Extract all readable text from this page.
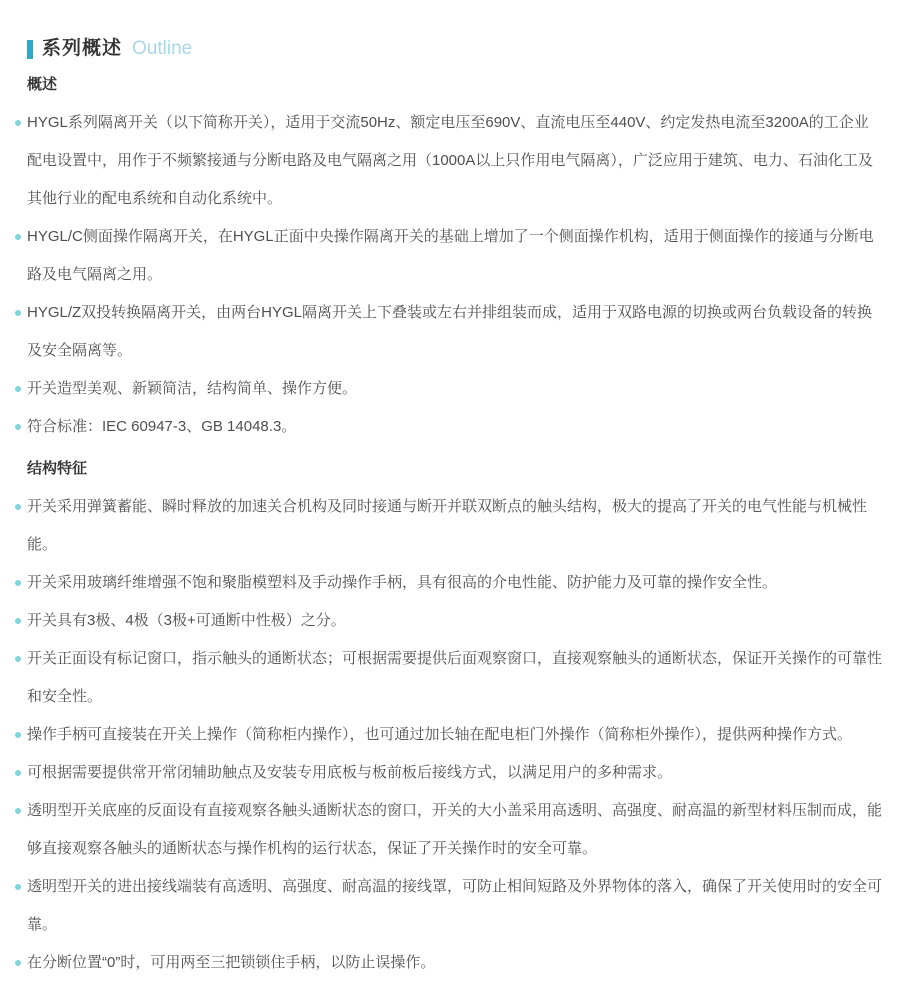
系列概述 Outline
概述
HYGL系列隔离开关（以下简称开关），适用于交流50Hz、额定电压至690V、直流电压至440V、约定发热电流至3200A的工企业配电设置中，用作于不频繁接通与分断电路及电气隔离之用（1000A以上只作用电气隔离），广泛应用于建筑、电力、石油化工及其他行业的配电系统和自动化系统中。
HYGL/C侧面操作隔离开关，在HYGL正面中央操作隔离开关的基础上增加了一个侧面操作机构，适用于侧面操作的接通与分断电路及电气隔离之用。
HYGL/Z双投转换隔离开关，由两台HYGL隔离开关上下叠装或左右并排组装而成，适用于双路电源的切换或两台负载设备的转换及安全隔离等。
开关造型美观、新颖简洁，结构简单、操作方便。
符合标准：IEC 60947-3、GB 14048.3。
结构特征
开关采用弹簧蓄能、瞬时释放的加速关合机构及同时接通与断开并联双断点的触头结构，极大的提高了开关的电气性能与机械性能。
开关采用玻璃纤维增强不饱和聚脂模塑料及手动操作手柄，具有很高的介电性能、防护能力及可靠的操作安全性。
开关具有3极、4极（3极+可通断中性极）之分。
开关正面设有标记窗口，指示触头的通断状态；可根据需要提供后面观察窗口，直接观察触头的通断状态，保证开关操作的可靠性和安全性。
操作手柄可直接装在开关上操作（简称柜内操作），也可通过加长轴在配电柜门外操作（简称柜外操作），提供两种操作方式。
可根据需要提供常开常闭辅助触点及安装专用底板与板前板后接线方式，以满足用户的多种需求。
透明型开关底座的反面设有直接观察各触头通断状态的窗口，开关的大小盖采用高透明、高强度、耐高温的新型材料压制而成，能够直接观察各触头的通断状态与操作机构的运行状态，保证了开关操作时的安全可靠。
透明型开关的进出接线端装有高透明、高强度、耐高温的接线罩，可防止相间短路及外界物体的落入，确保了开关使用时的安全可靠。
在分断位置“0”时，可用两至三把锁锁住手柄，以防止误操作。
